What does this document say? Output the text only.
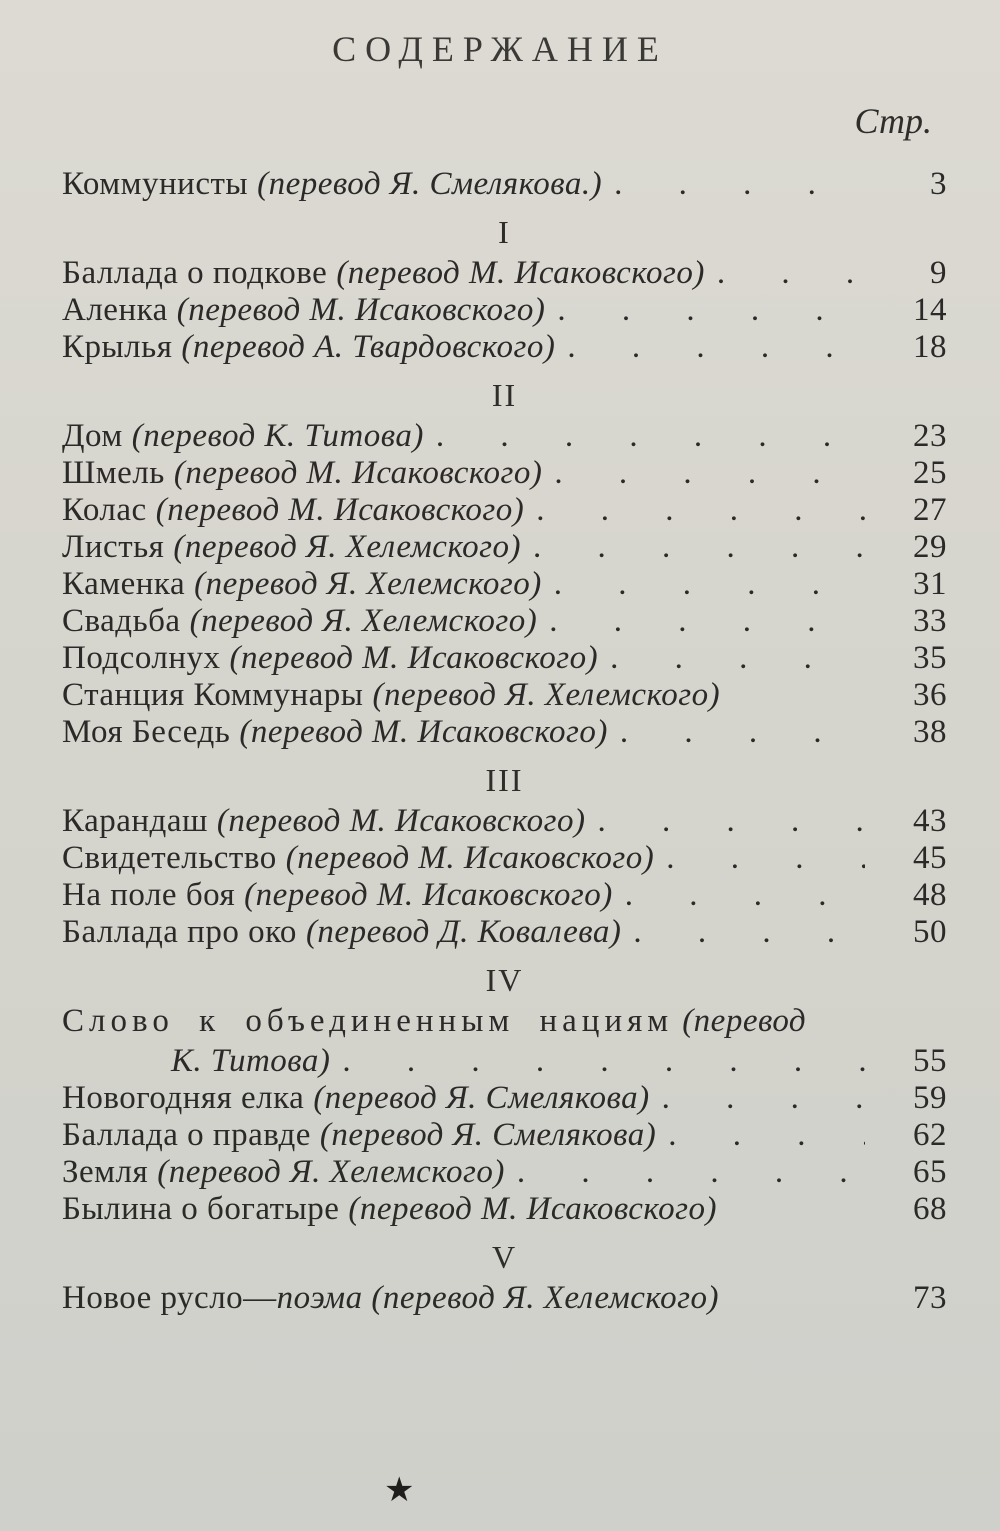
СОДЕРЖАНИЕ
Стр.
Коммунисты (перевод Я. Смелякова.) . . .	3
I
Баллада о подкове (перевод М. Исаковского) . . .	9
Аленка (перевод М. Исаковского) . . .	14
Крылья (перевод А. Твардовского) . . .	18
II
Дом (перевод К. Титова) . . .	23
Шмель (перевод М. Исаковского) . . .	25
Колас (перевод М. Исаковского) . . .	27
Листья (перевод Я. Хелемского) . . .	29
Каменка (перевод Я. Хелемского) . . .	31
Свадьба (перевод Я. Хелемского) . . .	33
Подсолнух (перевод М. Исаковского) . . .	35
Станция Коммунары (перевод Я. Хелемского)	36
Моя Беседь (перевод М. Исаковского) . . .	38
III
Карандаш (перевод М. Исаковского) . . .	43
Свидетельство (перевод М. Исаковского) . . .	45
На поле боя (перевод М. Исаковского) . . .	48
Баллада про око (перевод Д. Ковалева) . . .	50
IV
Слово к объединенным нациям (перевод
К. Титова) . . .	55
Новогодняя елка (перевод Я. Смелякова) . . .	59
Баллада о правде (перевод Я. Смелякова) . . .	62
Земля (перевод Я. Хелемского) . . .	65
Былина о богатыре (перевод М. Исаковского)	68
V
Новое русло— поэма (перевод Я. Хелемского)	73
★
